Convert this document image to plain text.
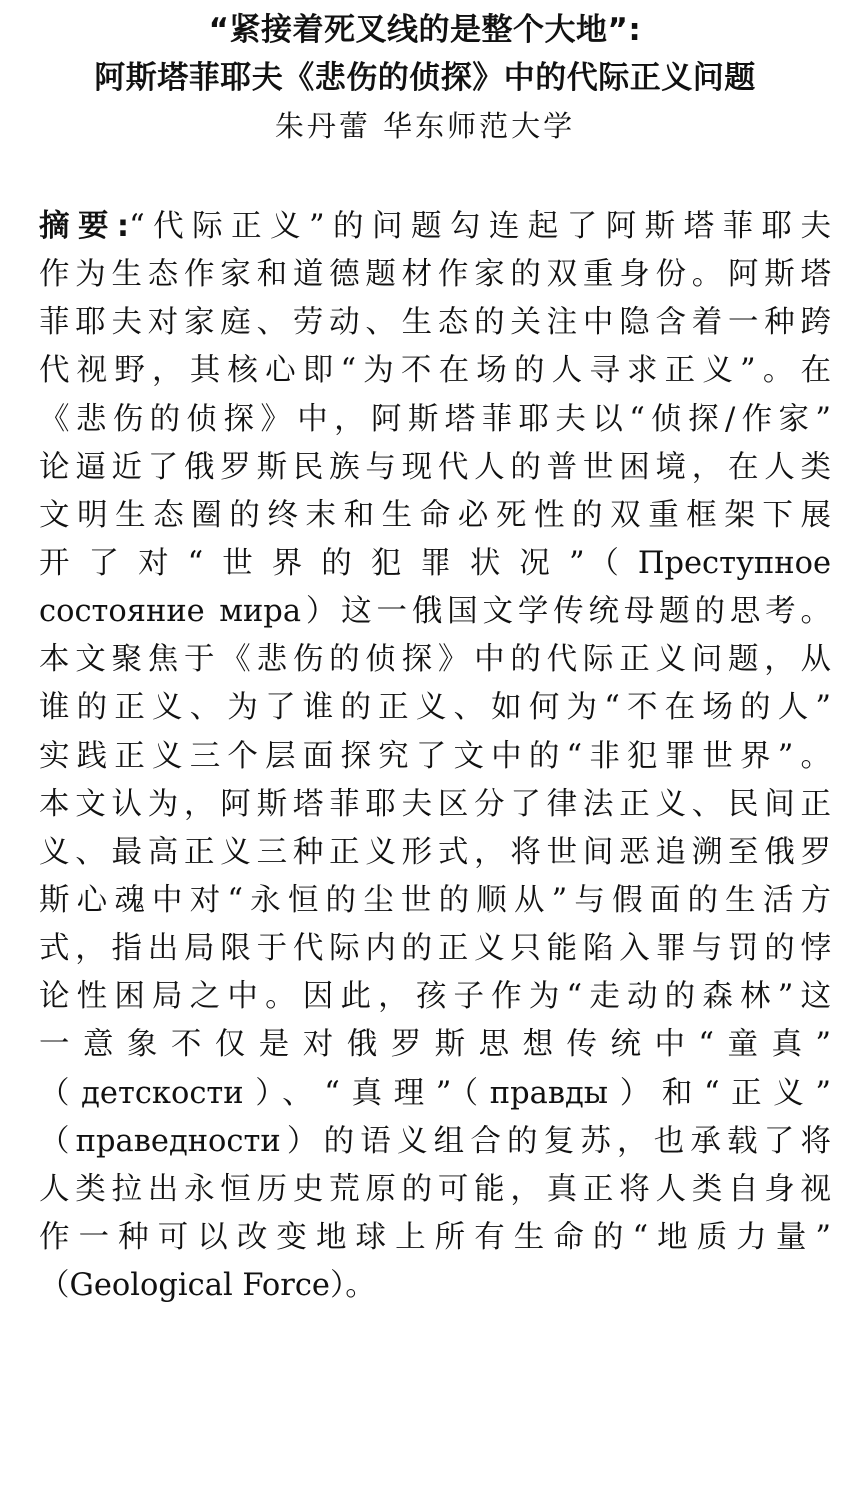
“紧接着死叉线的是整个大地”:
阿斯塔菲耶夫《悲伤的侦探》中的代际正义问题
朱丹蕾 华东师范大学
摘要:“代际正义”的问题勾连起了阿斯塔菲耶夫
作为生态作家和道德题材作家的双重身份。阿斯塔
菲耶夫对家庭、劳动、生态的关注中隐含着一种跨
代视野，其核心即“为不在场的人寻求正义”。在
《悲伤的侦探》中，阿斯塔菲耶夫以“侦探/作家”
论逼近了俄罗斯民族与现代人的普世困境，在人类
文明生态圈的终末和生命必死性的双重框架下展
开了对“世界的犯罪状况”（Преступное
состояние мира）这一俄国文学传统母题的思考。
本文聚焦于《悲伤的侦探》中的代际正义问题，从
谁的正义、为了谁的正义、如何为“不在场的人”
实践正义三个层面探究了文中的“非犯罪世界”。
本文认为，阿斯塔菲耶夫区分了律法正义、民间正
义、最高正义三种正义形式，将世间恶追溯至俄罗
斯心魂中对“永恒的尘世的顺从”与假面的生活方
式，指出局限于代际内的正义只能陷入罪与罚的悖
论性困局之中。因此，孩子作为“走动的森林”这
一意象不仅是对俄罗斯思想传统中“童真”
（детскости）、“真理”（правды）和“正义”
（праведности）的语义组合的复苏，也承载了将
人类拉出永恒历史荒原的可能，真正将人类自身视
作一种可以改变地球上所有生命的“地质力量”
（Geological Force）。
